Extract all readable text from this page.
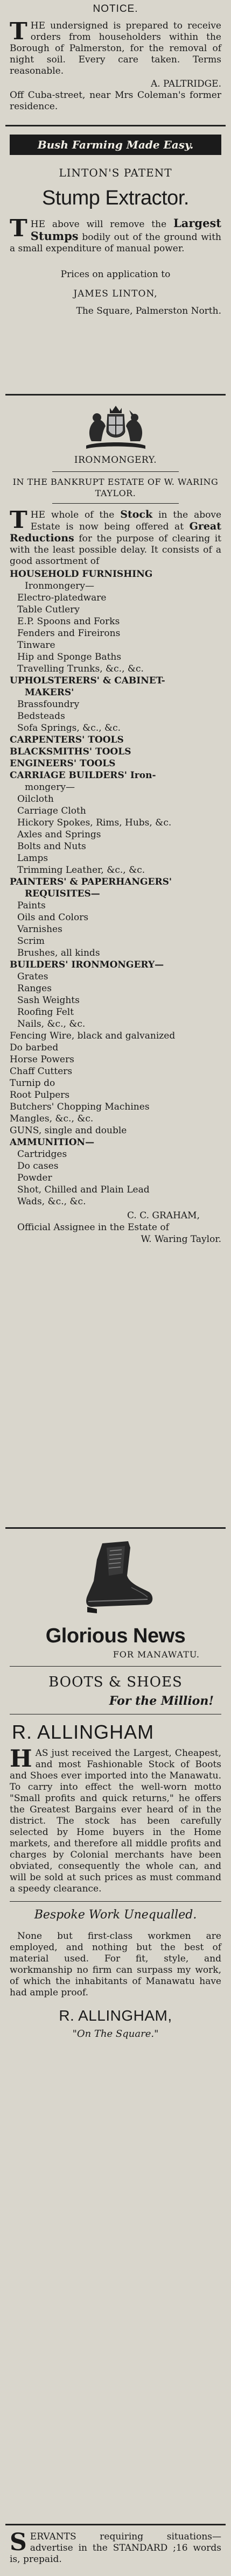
NOTICE.

THE undersigned is prepared to receive orders from householders within the Borough of Palmerston, for the removal of night soil. Every care taken. Terms reasonable.

A. PALTRIDGE.

Off Cuba-street, near Mrs Coleman's former residence.

Bush Farming Made Easy.
LINTON'S PATENT
Stump Extractor.

THE above will remove the Largest Stumps bodily out of the ground with a small expenditure of manual power.

Prices on application to
JAMES LINTON,
The Square, Palmerston North.
IRONMONGERY.

IN THE BANKRUPT ESTATE OF W. WARING TAYLOR.

THE whole of the Stock in the above Estate is now being offered at Great Reductions for the purpose of clearing it with the least possible delay. It consists of a good assortment of

HOUSEHOLD FURNISHING
Ironmongery—
Electro-platedware
Table Cutlery
E.P. Spoons and Forks
Fenders and Fireirons
Tinware
Hip and Sponge Baths
Travelling Trunks, &c., &c.
UPHOLSTERERS' & CABINET-
MAKERS'
Brassfoundry
Bedsteads
Sofa Springs, &c., &c.
CARPENTERS' TOOLS
BLACKSMITHS' TOOLS
ENGINEERS' TOOLS
CARRIAGE BUILDERS' Iron-
mongery—
Oilcloth
Carriage Cloth
Hickory Spokes, Rims, Hubs, &c.
Axles and Springs
Bolts and Nuts
Lamps
Trimming Leather, &c., &c.
PAINTERS' & PAPERHANGERS'
REQUISITES—
Paints
Oils and Colors
Varnishes
Scrim
Brushes, all kinds
BUILDERS' IRONMONGERY—
Grates
Ranges
Sash Weights
Roofing Felt
Nails, &c., &c.
Fencing Wire, black and galvanized
Do barbed
Horse Powers
Chaff Cutters
Turnip do
Root Pulpers
Butchers' Chopping Machines
Mangles, &c., &c.
GUNS, single and double
AMMUNITION—
Cartridges
Do cases
Powder
Shot, Chilled and Plain Lead
Wads, &c., &c.
C. C. GRAHAM,
Official Assignee in the Estate of
W. Waring Taylor.
Glorious News
FOR MANAWATU.
BOOTS & SHOES
For the Million!
R. ALLINGHAM

HAS just received the Largest, Cheapest, and most Fashionable Stock of Boots and Shoes ever imported into the Manawatu. To carry into effect the well-worn motto "Small profits and quick returns," he offers the Greatest Bargains ever heard of in the district. The stock has been carefully selected by Home buyers in the Home markets, and therefore all middle profits and charges by Colonial merchants have been obviated, consequently the whole can, and will be sold at such prices as must command a speedy clearance.

Bespoke Work Unequalled.

None but first-class workmen are employed, and nothing but the best of material used. For fit, style, and workmanship no firm can surpass my work, of which the inhabitants of Manawatu have had ample proof.

R. ALLINGHAM,
"On The Square."

SERVANTS requiring situations—advertise in the STANDARD ;16 words is, prepaid.
